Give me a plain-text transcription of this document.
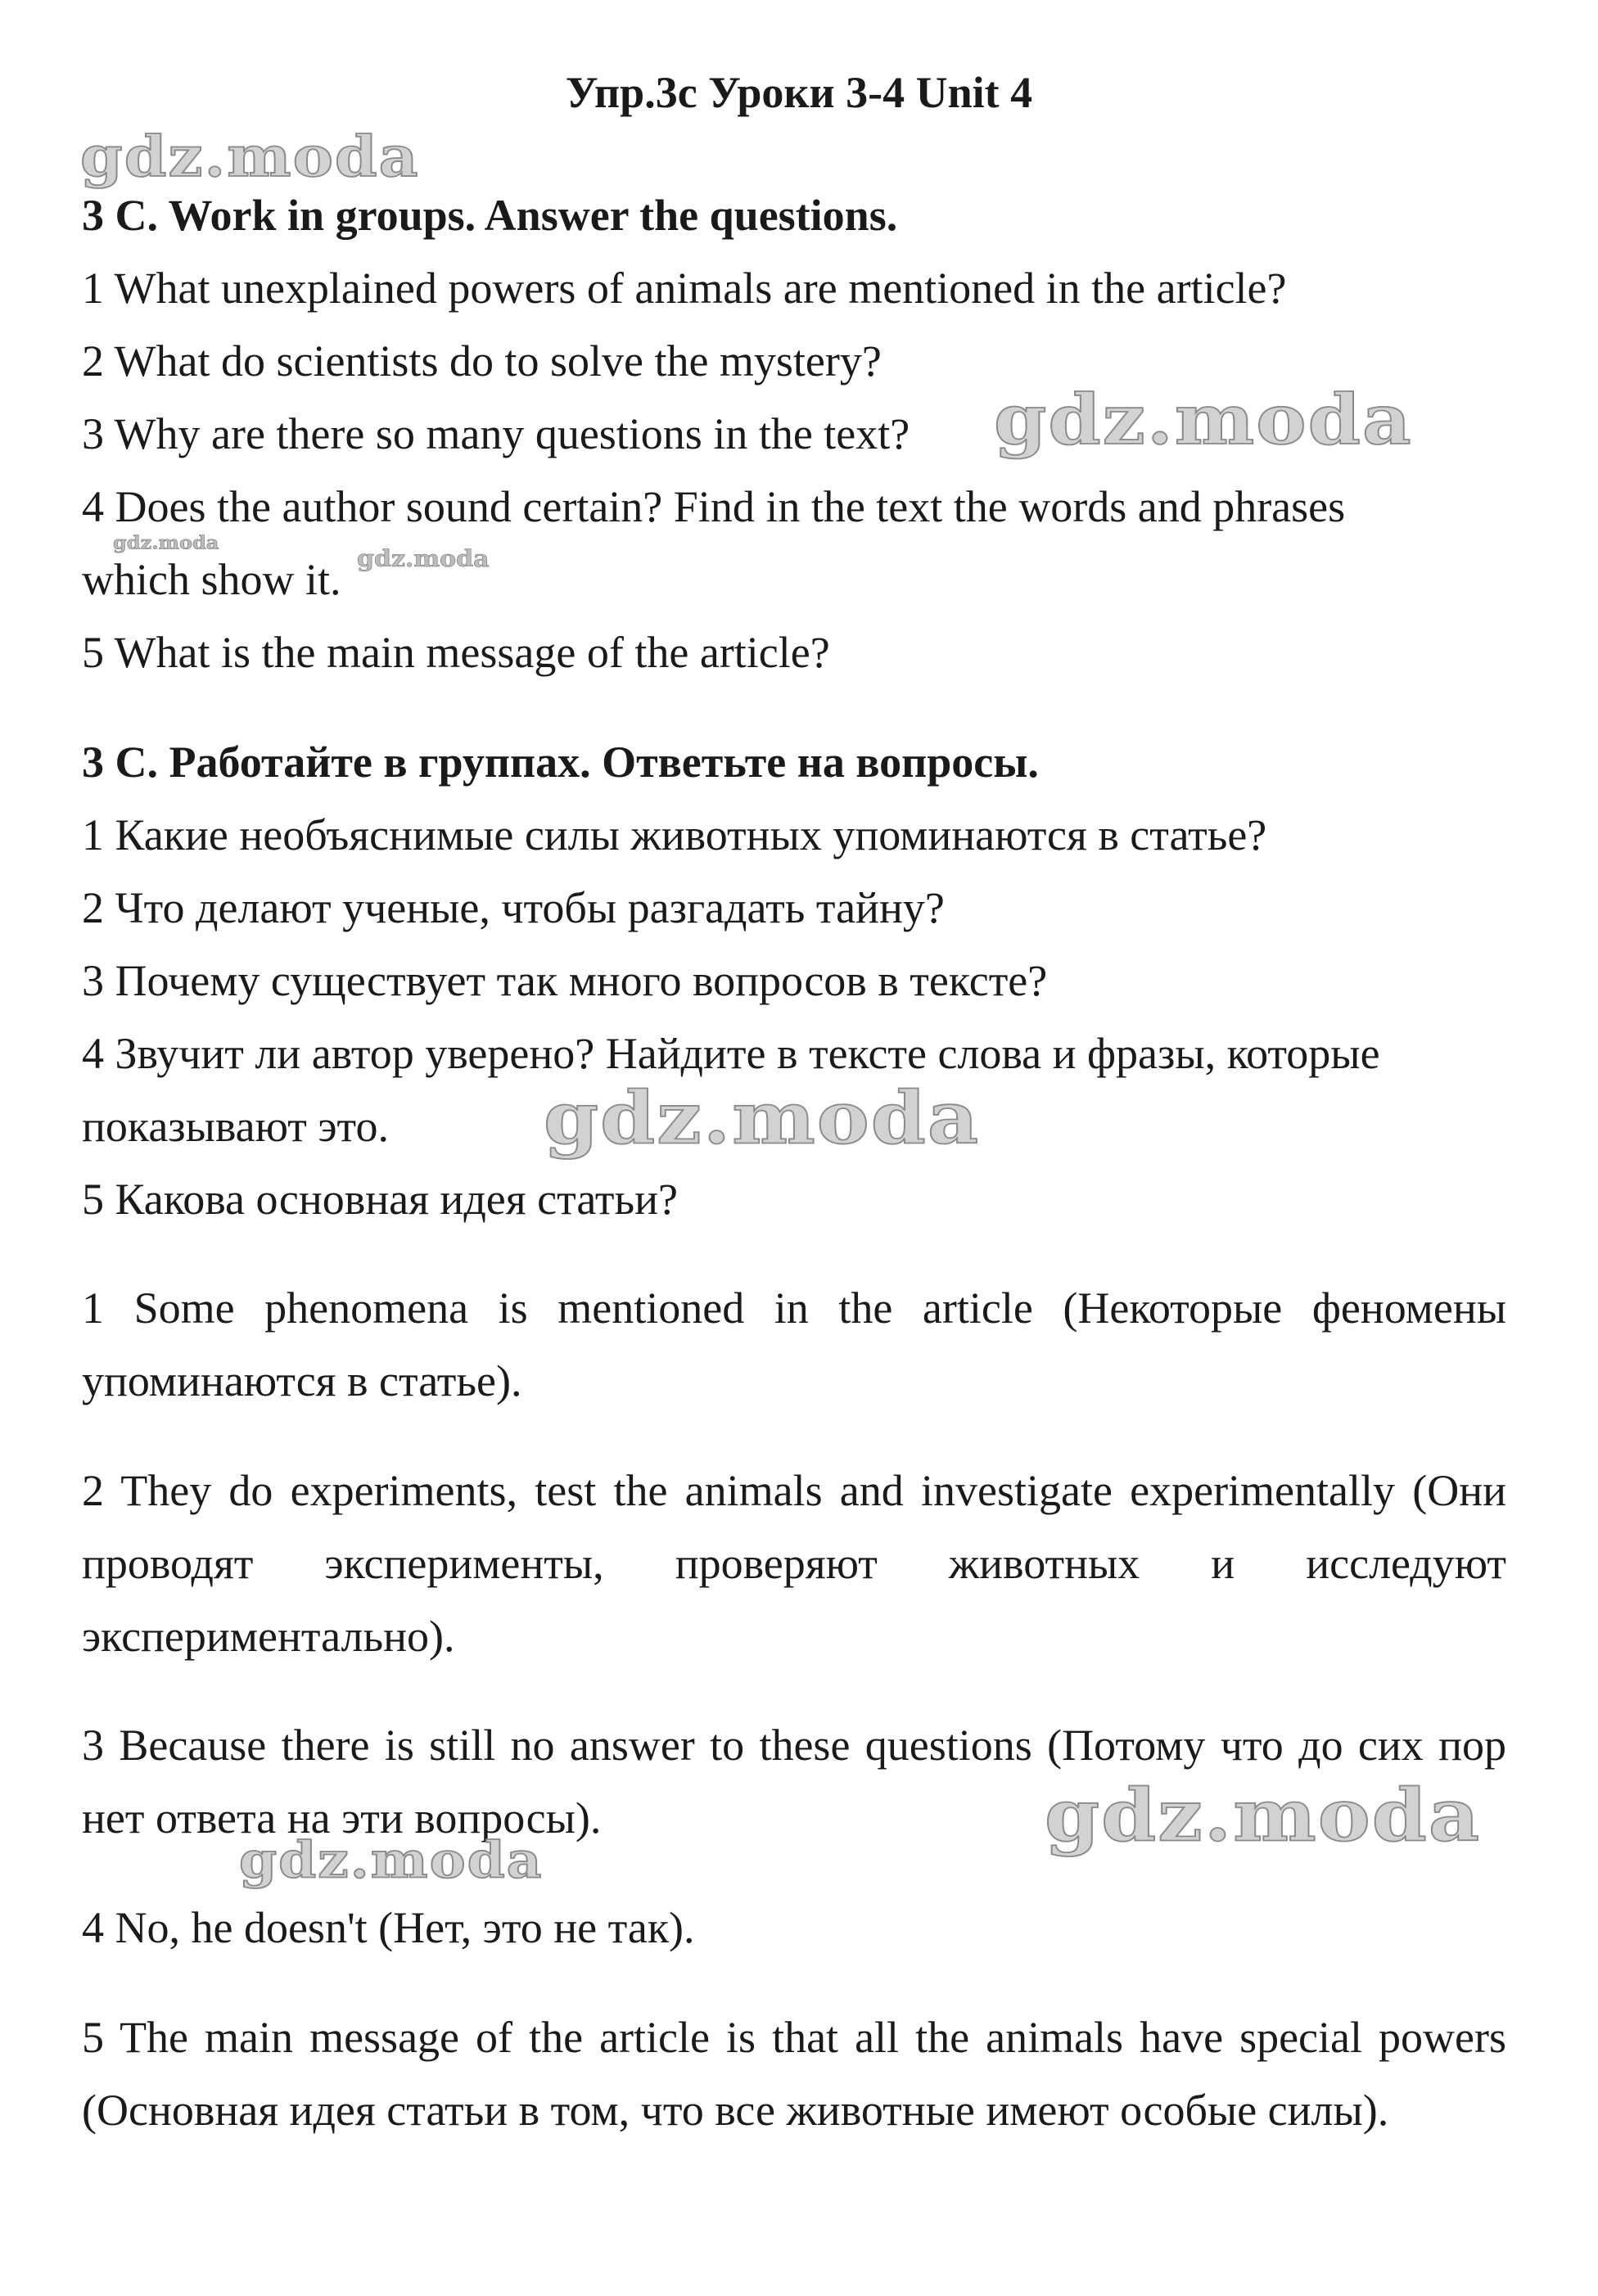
Упр.3с Уроки 3-4 Unit 4
3 C. Work in groups. Answer the questions.
1 What unexplained powers of animals are mentioned in the article?
2 What do scientists do to solve the mystery?
3 Why are there so many questions in the text?
4 Does the author sound certain? Find in the text the words and phrases
which show it.
5 What is the main message of the article?
3 С. Работайте в группах. Ответьте на вопросы.
1 Какие необъяснимые силы животных упоминаются в статье?
2 Что делают ученые, чтобы разгадать тайну?
3 Почему существует так много вопросов в тексте?
4 Звучит ли автор уверено? Найдите в тексте слова и фразы, которые
показывают это.
5 Какова основная идея статьи?
1 Some phenomena is mentioned in the article (Некоторые феномены упоминаются в статье).
2 They do experiments, test the animals and investigate experimentally (Они проводят эксперименты, проверяют животных и исследуют экспериментально).
3 Because there is still no answer to these questions (Потому что до сих пор нет ответа на эти вопросы).
4 No, he doesn't (Нет, это не так).
5 The main message of the article is that all the animals have special powers (Основная идея статьи в том, что все животные имеют особые силы).
gdz.moda
gdz.moda
gdz.moda
gdz.moda
gdz.moda
gdz.moda
gdz.moda
